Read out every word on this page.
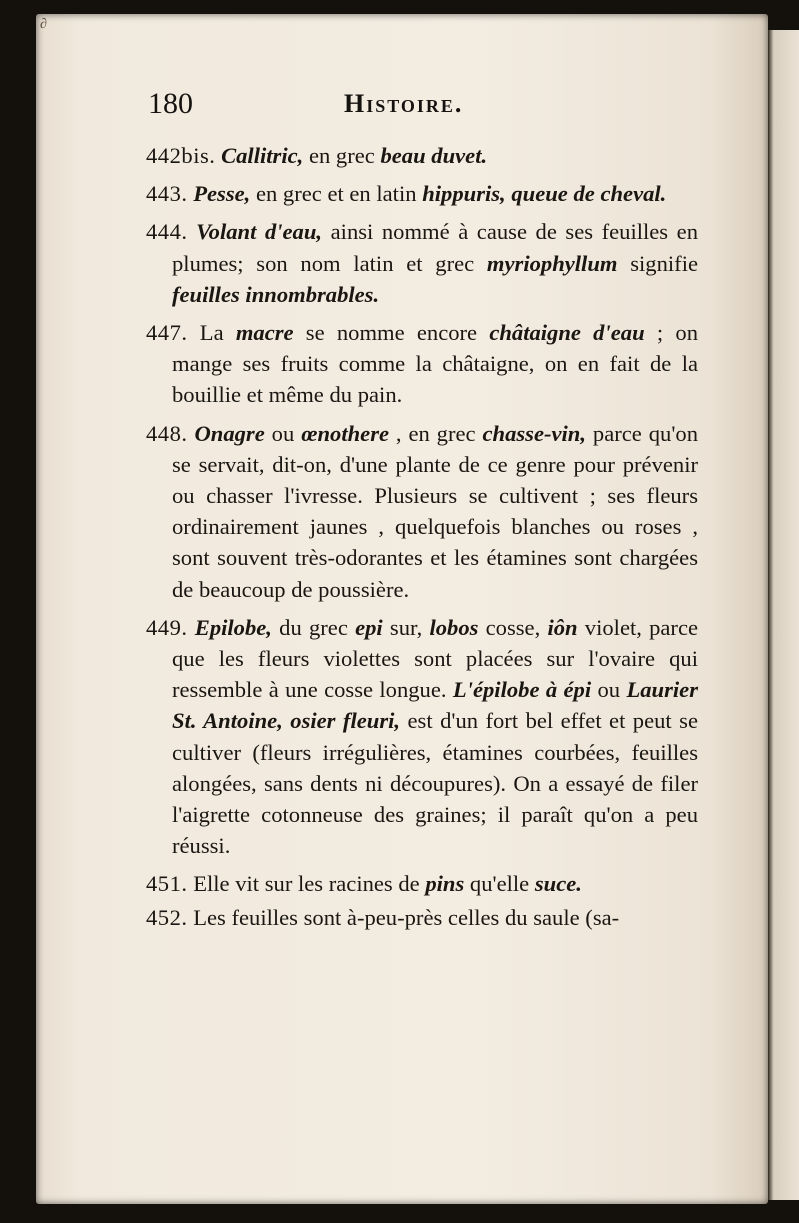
∂
180	Histoire.

442bis. Callitric, en grec beau duvet.

443. Pesse, en grec et en latin hippuris, queue de cheval.

444. Volant d'eau, ainsi nommé à cause de ses feuilles en plumes; son nom latin et grec myriophyllum signifie feuilles innombrables.

447. La macre se nomme encore châtaigne d'eau ; on mange ses fruits comme la châtaigne, on en fait de la bouillie et même du pain.

448. Onagre ou œnothere , en grec chasse-vin, parce qu'on se servait, dit-on, d'une plante de ce genre pour prévenir ou chasser l'ivresse. Plusieurs se cultivent ; ses fleurs ordinairement jaunes , quelquefois blanches ou roses , sont souvent très-odorantes et les étamines sont chargées de beaucoup de poussière.

449. Epilobe, du grec epi sur, lobos cosse, iôn violet, parce que les fleurs violettes sont placées sur l'ovaire qui ressemble à une cosse longue. L'épilobe à épi ou Laurier St. Antoine, osier fleuri, est d'un fort bel effet et peut se cultiver (fleurs irrégulières, étamines courbées, feuilles alongées, sans dents ni découpures). On a essayé de filer l'aigrette cotonneuse des graines; il paraît qu'on a peu réussi.

451. Elle vit sur les racines de pins qu'elle suce.

452. Les feuilles sont à-peu-près celles du saule (sa-
